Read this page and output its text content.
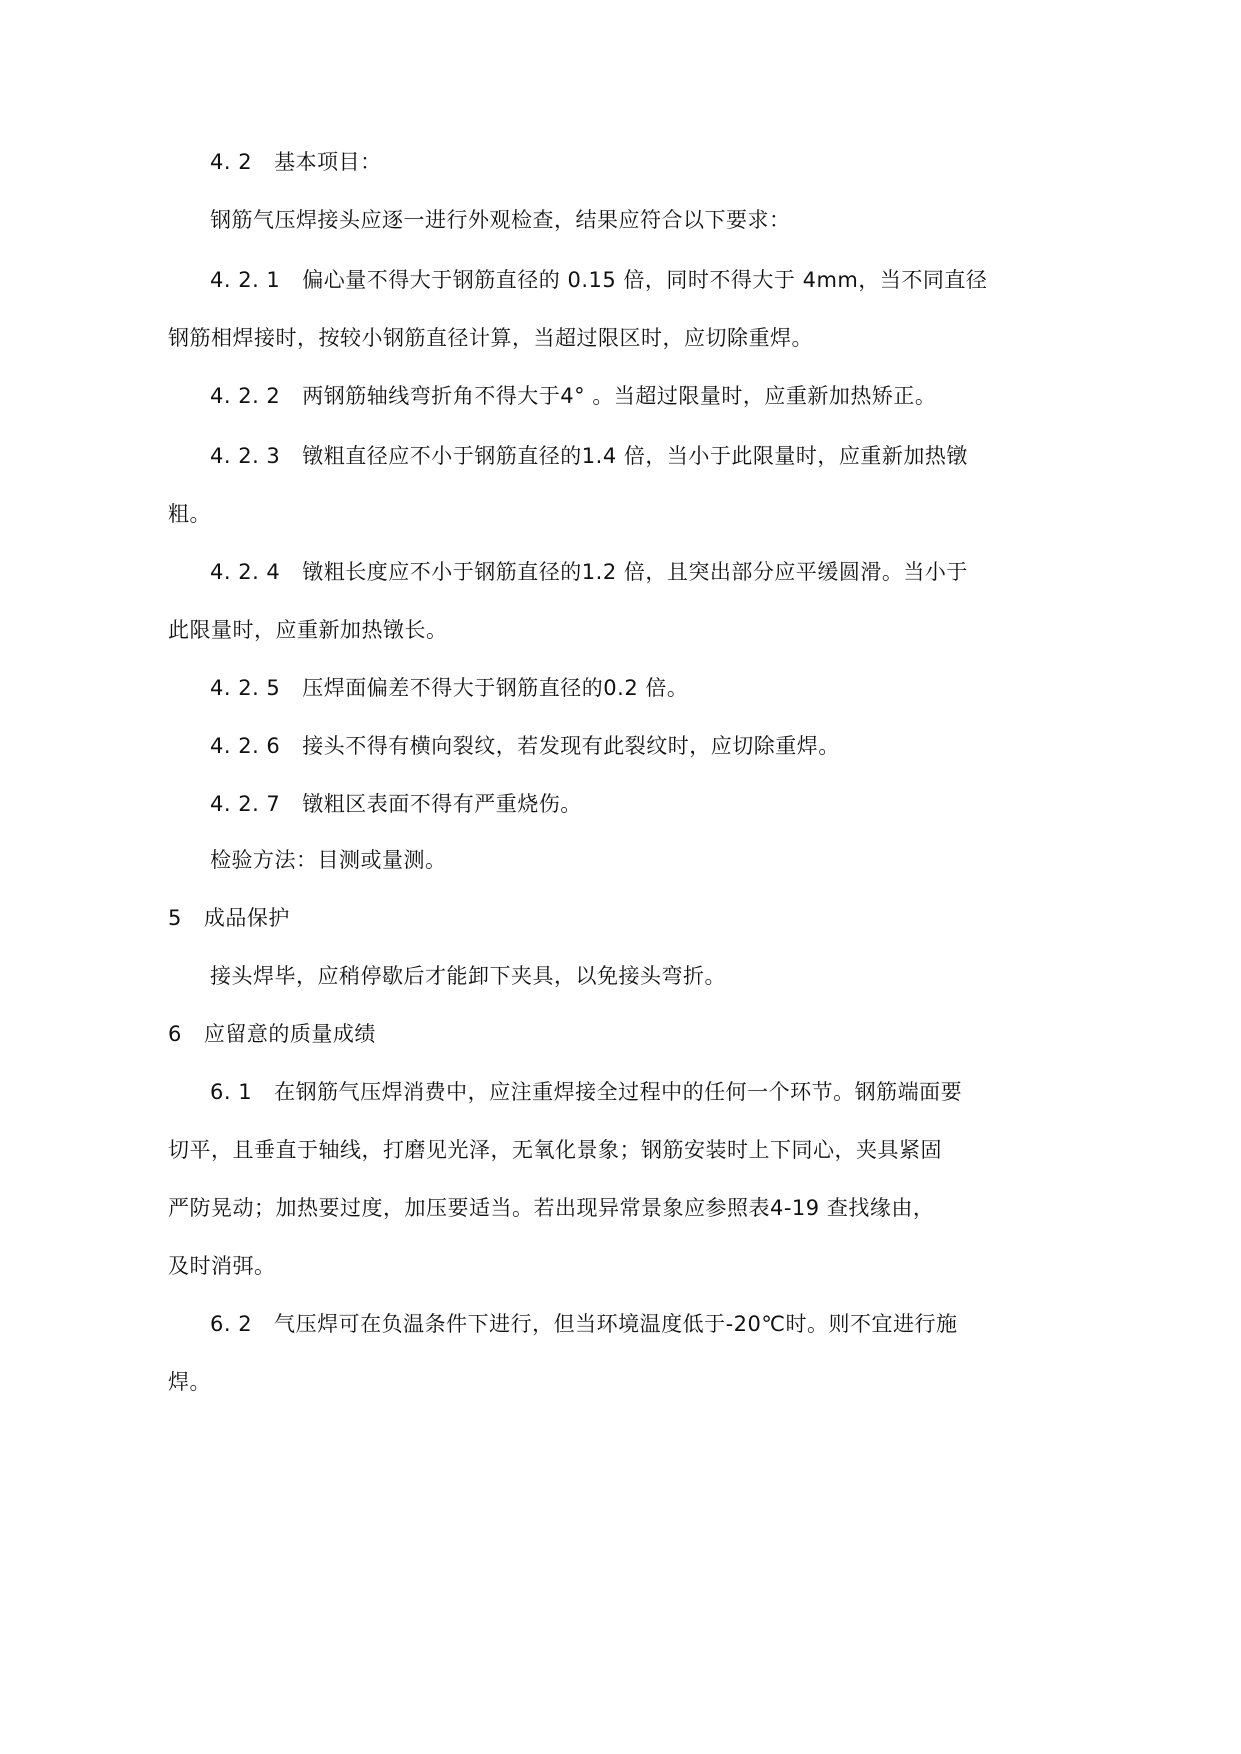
4. 2 基本项目：
钢筋气压焊接头应逐一进行外观检查，结果应符合以下要求：
4. 2. 1 偏心量不得大于钢筋直径的 0.15 倍，同时不得大于 4mm，当不同直径
钢筋相焊接时，按较小钢筋直径计算，当超过限区时，应切除重焊。
4. 2. 2 两钢筋轴线弯折角不得大于4° 。当超过限量时，应重新加热矫正。
4. 2. 3 镦粗直径应不小于钢筋直径的1.4 倍，当小于此限量时，应重新加热镦
粗。
4. 2. 4 镦粗长度应不小于钢筋直径的1.2 倍，且突出部分应平缓圆滑。当小于
此限量时，应重新加热镦长。
4. 2. 5 压焊面偏差不得大于钢筋直径的0.2 倍。
4. 2. 6 接头不得有横向裂纹，若发现有此裂纹时，应切除重焊。
4. 2. 7 镦粗区表面不得有严重烧伤。
检验方法：目测或量测。
5 成品保护
接头焊毕，应稍停歇后才能卸下夹具，以免接头弯折。
6 应留意的质量成绩
6. 1 在钢筋气压焊消费中，应注重焊接全过程中的任何一个环节。钢筋端面要
切平，且垂直于轴线，打磨见光泽，无氧化景象；钢筋安装时上下同心，夹具紧固
严防晃动；加热要过度，加压要适当。若出现异常景象应参照表4-19 查找缘由，
及时消弭。
6. 2 气压焊可在负温条件下进行，但当环境温度低于-20℃时。则不宜进行施
焊。
